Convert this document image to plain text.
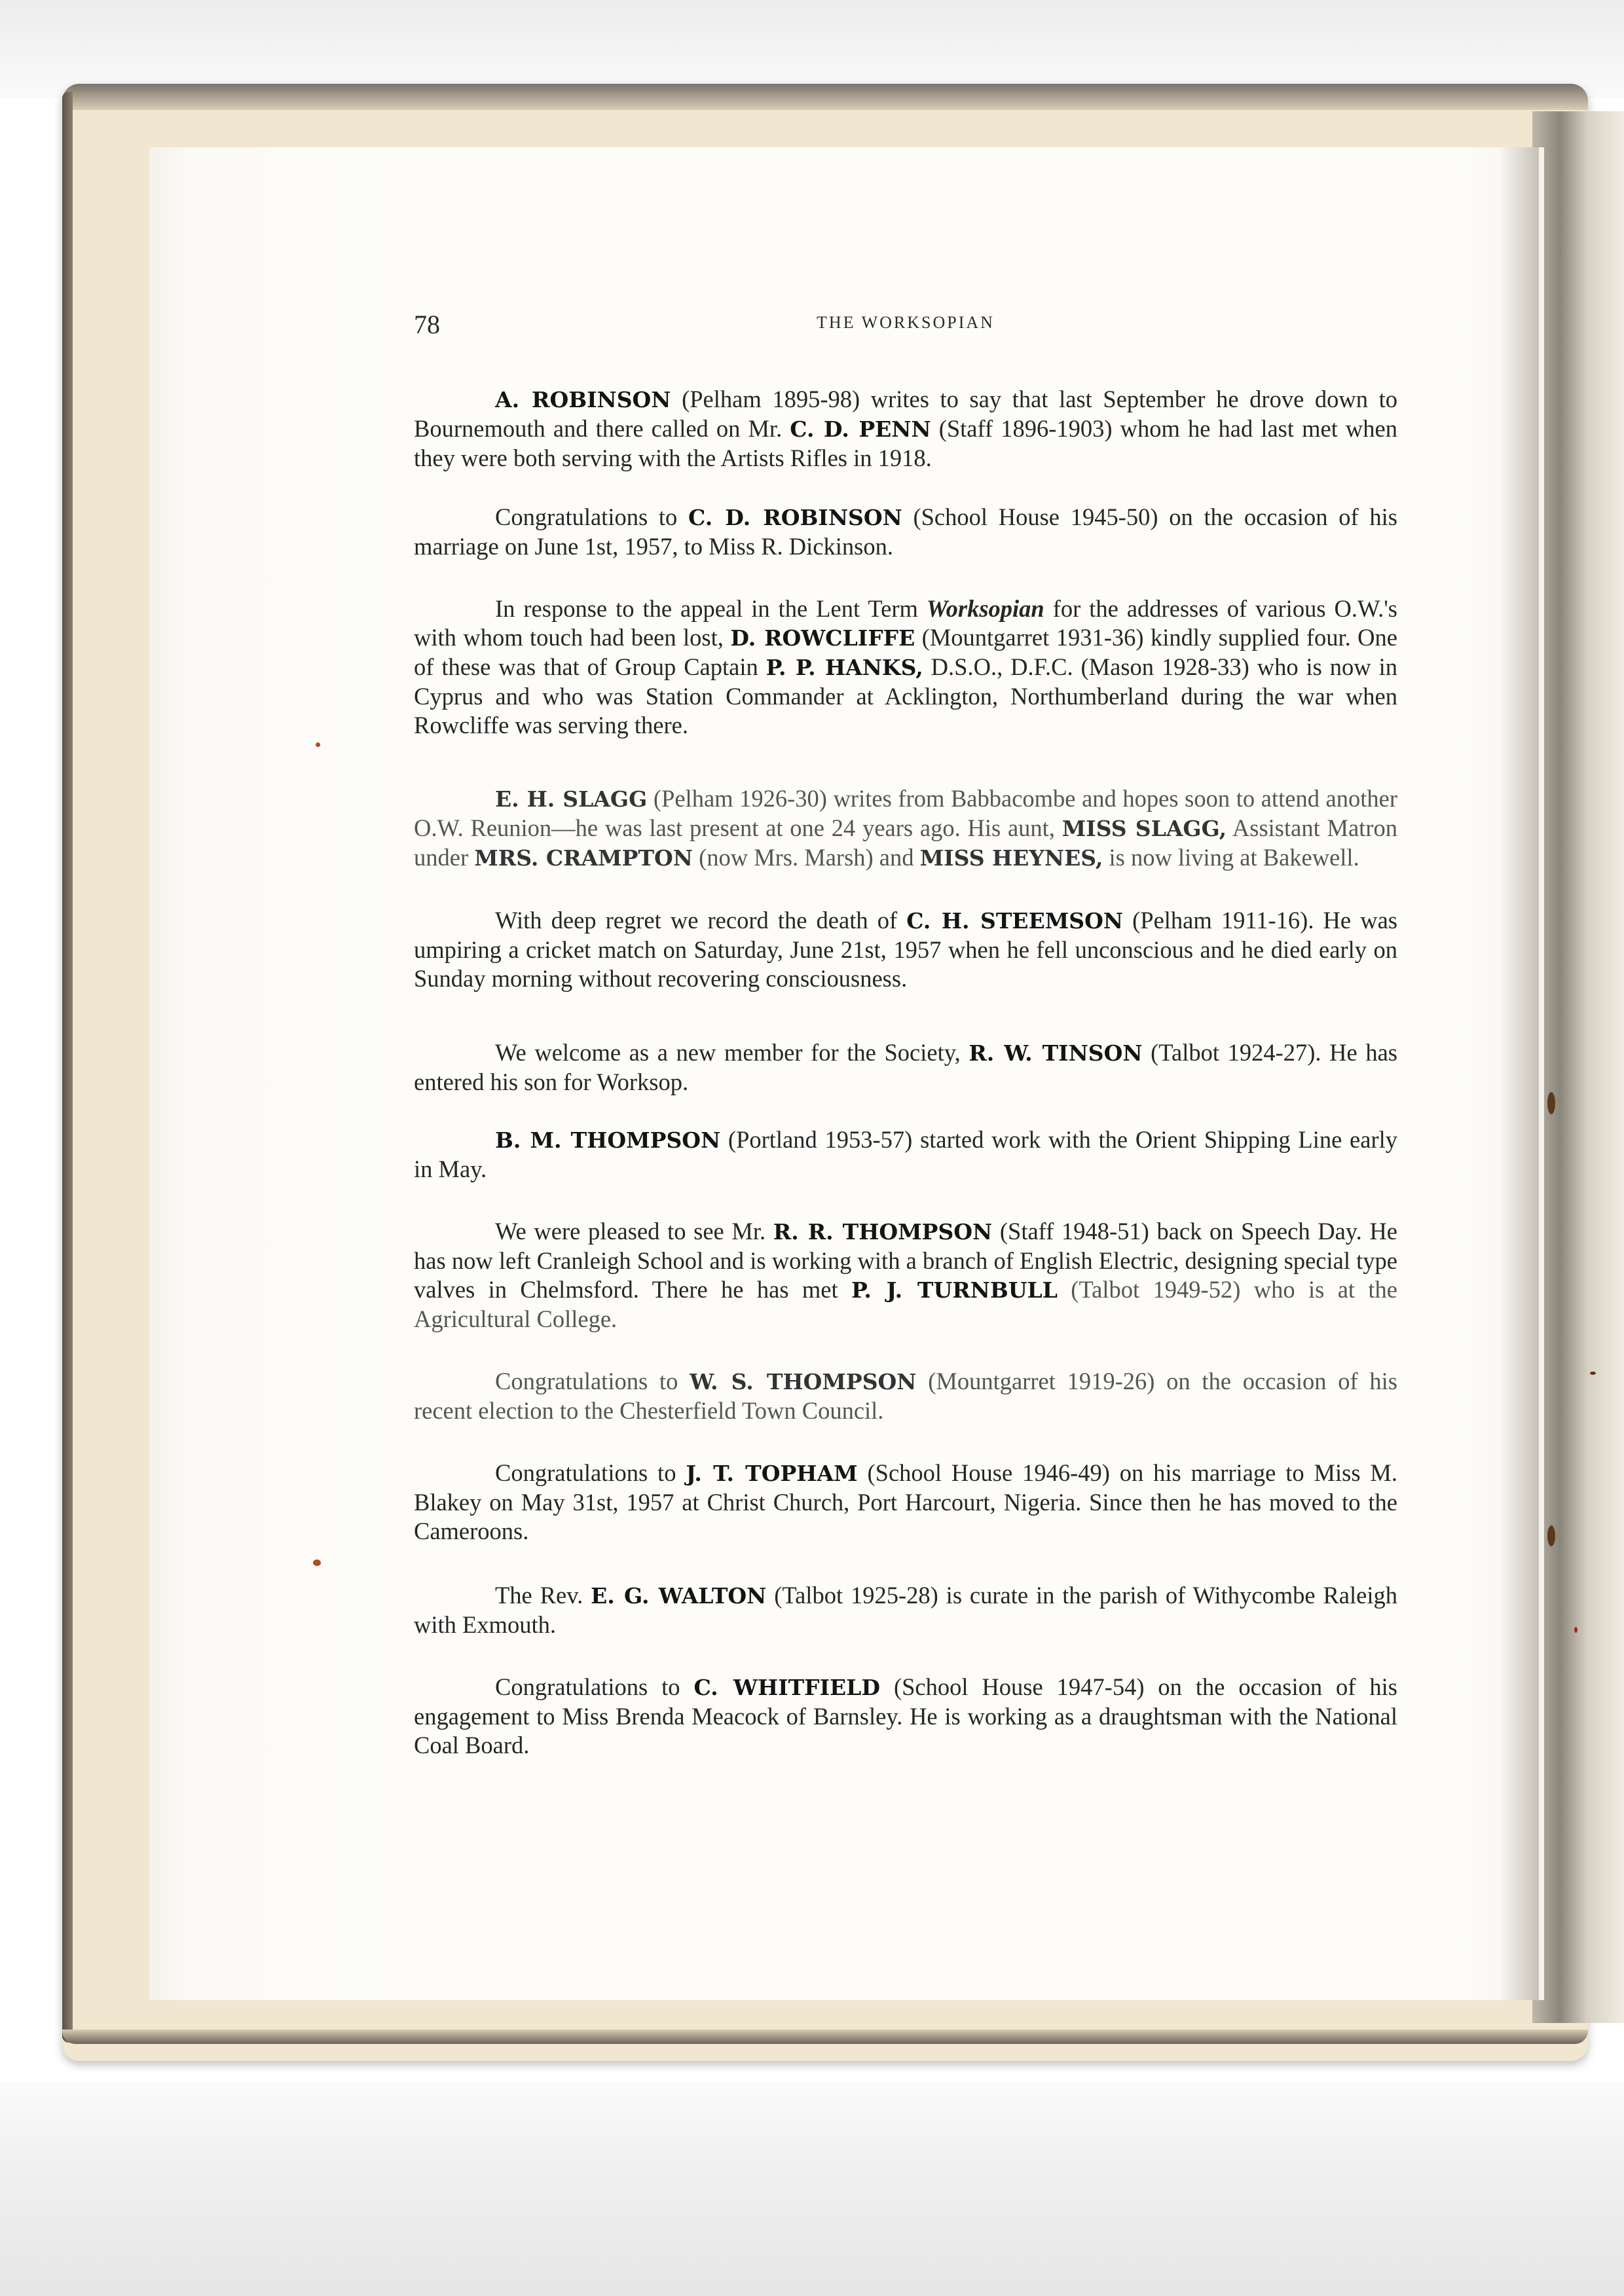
78	THE WORKSOPIAN

A. ROBINSON (Pelham 1895-98) writes to say that last September he drove down to Bournemouth and there called on Mr. C. D. PENN (Staff 1896-1903) whom he had last met when they were both serving with the Artists Rifles in 1918.

Congratulations to C. D. ROBINSON (School House 1945-50) on the occasion of his marriage on June 1st, 1957, to Miss R. Dickinson.

In response to the appeal in the Lent Term Worksopian for the addresses of various O.W.'s with whom touch had been lost, D. ROWCLIFFE (Mountgarret 1931-36) kindly supplied four. One of these was that of Group Captain P. P. HANKS, D.S.O., D.F.C. (Mason 1928-33) who is now in Cyprus and who was Station Commander at Acklington, Northumberland during the war when Rowcliffe was serving there.

E. H. SLAGG (Pelham 1926-30) writes from Babbacombe and hopes soon to attend another O.W. Reunion—he was last present at one 24 years ago. His aunt, MISS SLAGG, Assistant Matron under MRS. CRAMPTON (now Mrs. Marsh) and MISS HEYNES, is now living at Bakewell.

With deep regret we record the death of C. H. STEEMSON (Pelham 1911-16). He was umpiring a cricket match on Saturday, June 21st, 1957 when he fell unconscious and he died early on Sunday morning without recovering consciousness.

We welcome as a new member for the Society, R. W. TINSON (Talbot 1924-27). He has entered his son for Worksop.

B. M. THOMPSON (Portland 1953-57) started work with the Orient Shipping Line early in May.

We were pleased to see Mr. R. R. THOMPSON (Staff 1948-51) back on Speech Day. He has now left Cranleigh School and is working with a branch of English Electric, designing special type valves in Chelmsford. There he has met P. J. TURNBULL (Talbot 1949-52) who is at the Agricultural College.

Congratulations to W. S. THOMPSON (Mountgarret 1919-26) on the occasion of his recent election to the Chesterfield Town Council.

Congratulations to J. T. TOPHAM (School House 1946-49) on his marriage to Miss M. Blakey on May 31st, 1957 at Christ Church, Port Harcourt, Nigeria. Since then he has moved to the Cameroons.

The Rev. E. G. WALTON (Talbot 1925-28) is curate in the parish of Withycombe Raleigh with Exmouth.

Congratulations to C. WHITFIELD (School House 1947-54) on the occasion of his engagement to Miss Brenda Meacock of Barnsley. He is working as a draughtsman with the National Coal Board.
